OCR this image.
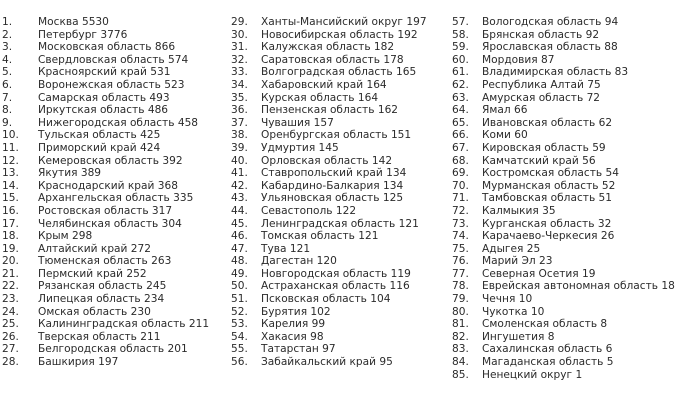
1. Москва 5530
2. Петербург 3776
3. Московская область 866
4. Свердловская область 574
5. Красноярский край 531
6. Воронежская область 523
7. Самарская область 493
8. Иркутская область 486
9. Нижегородская область 458
10. Тульская область 425
11. Приморский край 424
12. Кемеровская область 392
13. Якутия 389
14. Краснодарский край 368
15. Архангельская область 335
16. Ростовская область 317
17. Челябинская область 304
18. Крым 298
19. Алтайский край 272
20. Тюменская область 263
21. Пермский край 252
22. Рязанская область 245
23. Липецкая область 234
24. Омская область 230
25. Калининградская область 211
26. Тверская область 211
27. Белгородская область 201
28. Башкирия 197
29. Ханты-Мансийский округ 197
30. Новосибирская область 192
31. Калужская область 182
32. Саратовская область 178
33. Волгоградская область 165
34. Хабаровский край 164
35. Курская область 164
36. Пензенская область 162
37. Чувашия 157
38. Оренбургская область 151
39. Удмуртия 145
40. Орловская область 142
41. Ставропольский край 134
42. Кабардино-Балкария 134
43. Ульяновская область 125
44. Севастополь 122
45. Ленинградская область 121
46. Томская область 121
47. Тува 121
48. Дагестан 120
49. Новгородская область 119
50. Астраханская область 116
51. Псковская область 104
52. Бурятия 102
53. Карелия 99
54. Хакасия 98
55. Татарстан 97
56. Забайкальский край 95
57. Вологодская область 94
58. Брянская область 92
59. Ярославская область 88
60. Мордовия 87
61. Владимирская область 83
62. Республика Алтай 75
63. Амурская область 72
64. Ямал 66
65. Ивановская область 62
66. Коми 60
67. Кировская область 59
68. Камчатский край 56
69. Костромская область 54
70. Мурманская область 52
71. Тамбовская область 51
72. Калмыкия 35
73. Курганская область 32
74. Карачаево-Черкесия 26
75. Адыгея 25
76. Марий Эл 23
77. Северная Осетия 19
78. Еврейская автономная область 18
79. Чечня 10
80. Чукотка 10
81. Смоленская область 8
82. Ингушетия 8
83. Сахалинская область 6
84. Магаданская область 5
85. Ненецкий округ 1
